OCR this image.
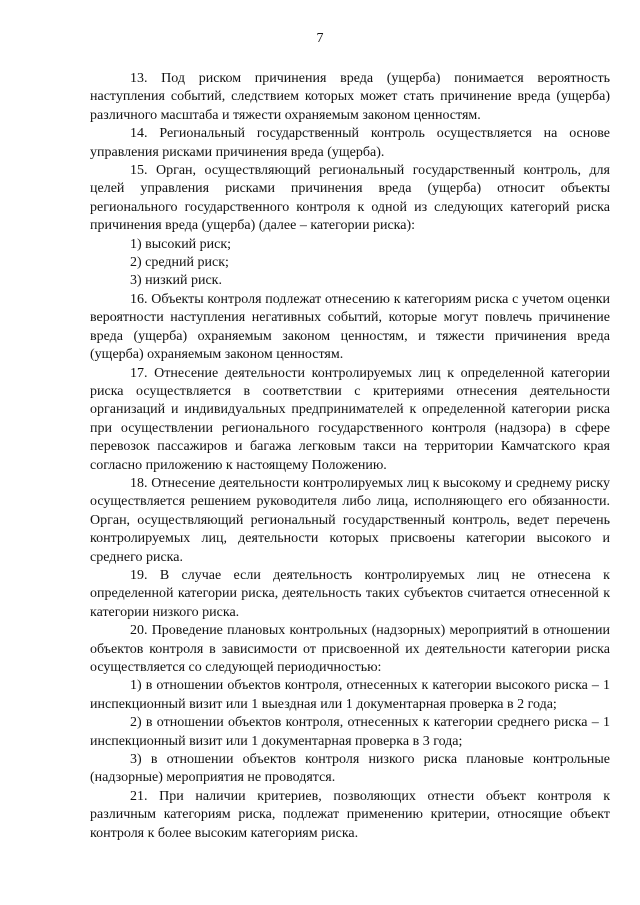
7

13. Под риском причинения вреда (ущерба) понимается вероятность наступления событий, следствием которых может стать причинение вреда (ущерба) различного масштаба и тяжести охраняемым законом ценностям.

14. Региональный государственный контроль осуществляется на основе управления рисками причинения вреда (ущерба).

15. Орган, осуществляющий региональный государственный контроль, для целей управления рисками причинения вреда (ущерба) относит объекты регионального государственного контроля к одной из следующих категорий риска причинения вреда (ущерба) (далее – категории риска):

1) высокий риск;

2) средний риск;

3) низкий риск.

16. Объекты контроля подлежат отнесению к категориям риска с учетом оценки вероятности наступления негативных событий, которые могут повлечь причинение вреда (ущерба) охраняемым законом ценностям, и тяжести причинения вреда (ущерба) охраняемым законом ценностям.

17. Отнесение деятельности контролируемых лиц к определенной категории риска осуществляется в соответствии с критериями отнесения деятельности организаций и индивидуальных предпринимателей к определенной категории риска при осуществлении регионального государственного контроля (надзора) в сфере перевозок пассажиров и багажа легковым такси на территории Камчатского края согласно приложению к настоящему Положению.

18. Отнесение деятельности контролируемых лиц к высокому и среднему риску осуществляется решением руководителя либо лица, исполняющего его обязанности. Орган, осуществляющий региональный государственный контроль, ведет перечень контролируемых лиц, деятельности которых присвоены категории высокого и среднего риска.

19. В случае если деятельность контролируемых лиц не отнесена к определенной категории риска, деятельность таких субъектов считается отнесенной к категории низкого риска.

20. Проведение плановых контрольных (надзорных) мероприятий в отношении объектов контроля в зависимости от присвоенной их деятельности категории риска осуществляется со следующей периодичностью:

1) в отношении объектов контроля, отнесенных к категории высокого риска – 1 инспекционный визит или 1 выездная или 1 документарная проверка в 2 года;

2) в отношении объектов контроля, отнесенных к категории среднего риска – 1 инспекционный визит или 1 документарная проверка в 3 года;

3) в отношении объектов контроля низкого риска плановые контрольные (надзорные) мероприятия не проводятся.

21. При наличии критериев, позволяющих отнести объект контроля к различным категориям риска, подлежат применению критерии, относящие объект контроля к более высоким категориям риска.
